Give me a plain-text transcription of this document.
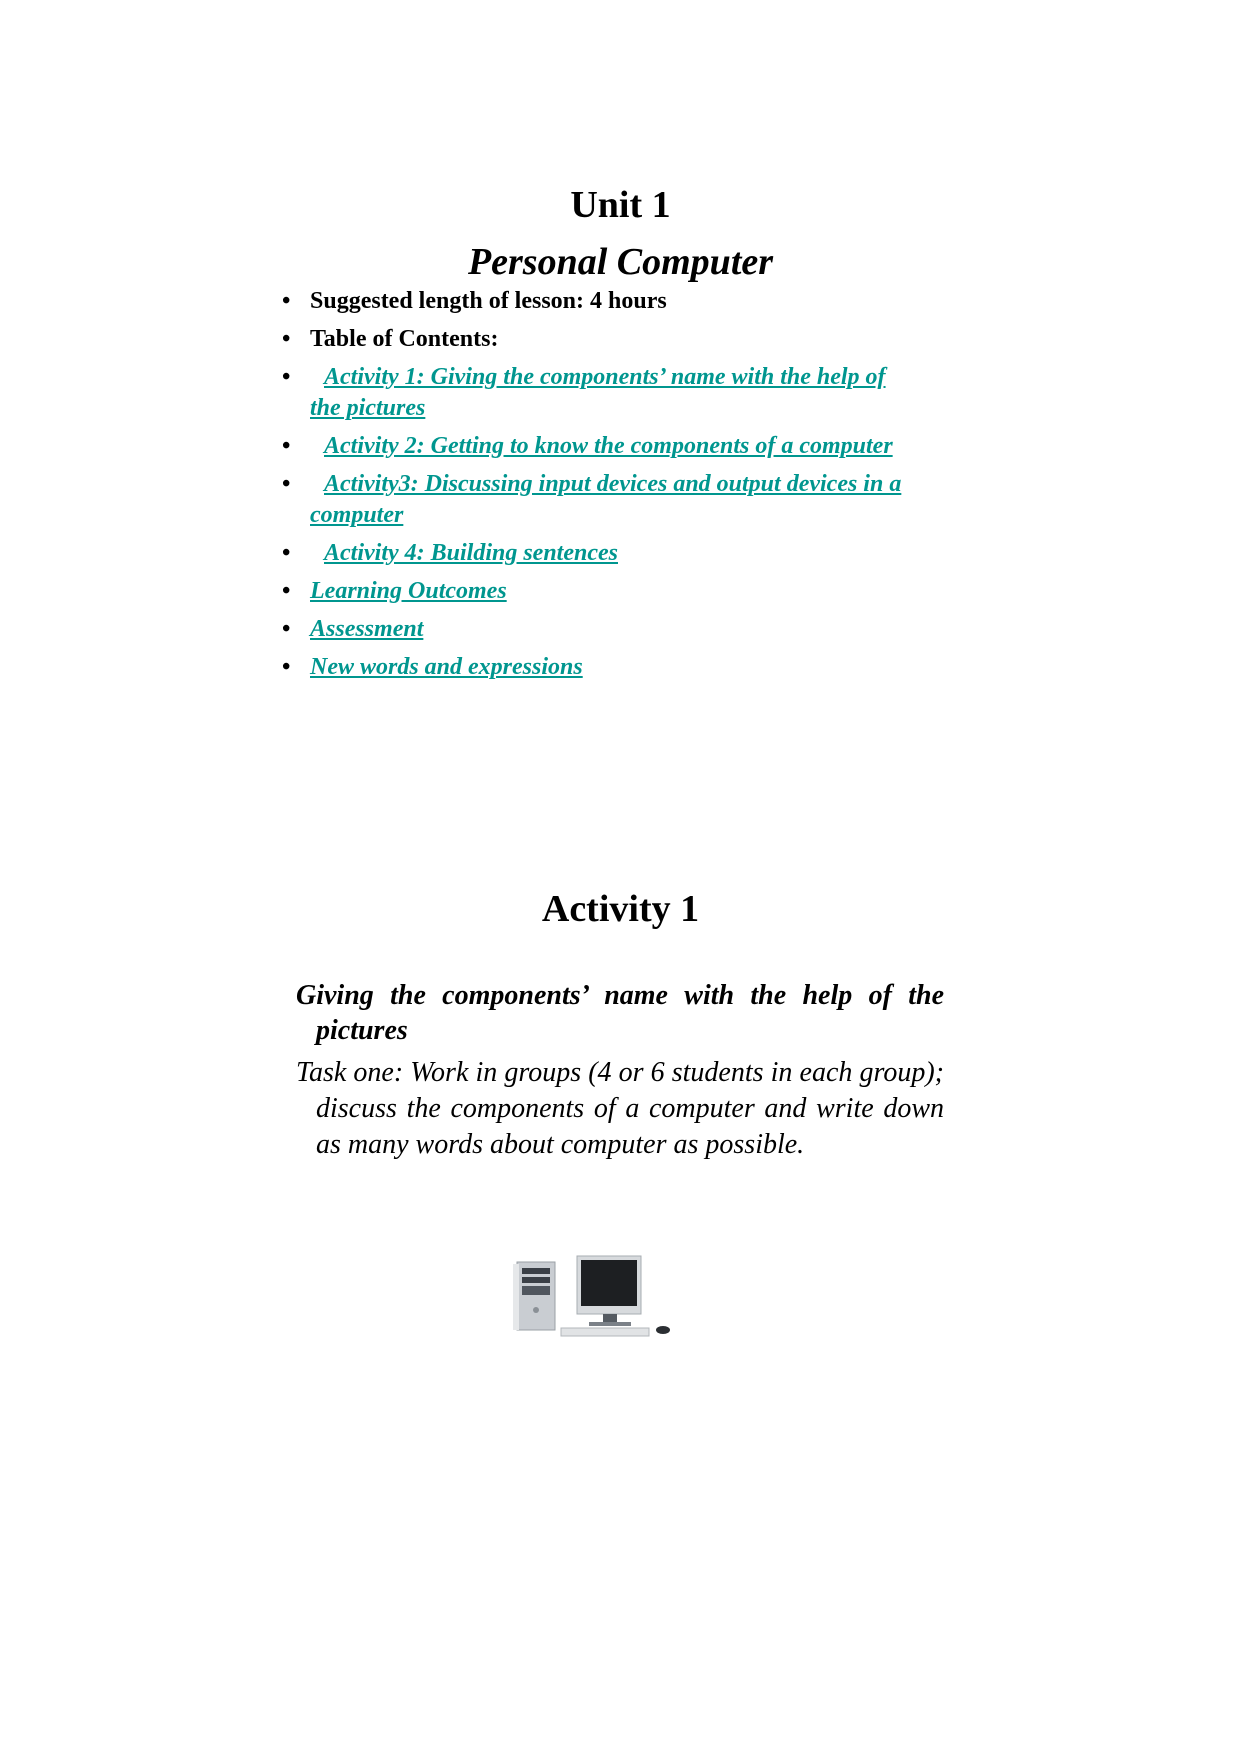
Unit 1
Personal Computer
• Suggested length of lesson: 4 hours
• Table of Contents:
• Activity 1: Giving the components’ name with the help of the pictures
• Activity 2: Getting to know the components of a computer
• Activity3: Discussing input devices and output devices in a computer
• Activity 4: Building sentences
• Learning Outcomes
• Assessment
• New words and expressions
Activity 1

Giving the components’ name with the help of the pictures

Task one: Work in groups (4 or 6 students in each group); discuss the components of a computer and write down as many words about computer as possible.
